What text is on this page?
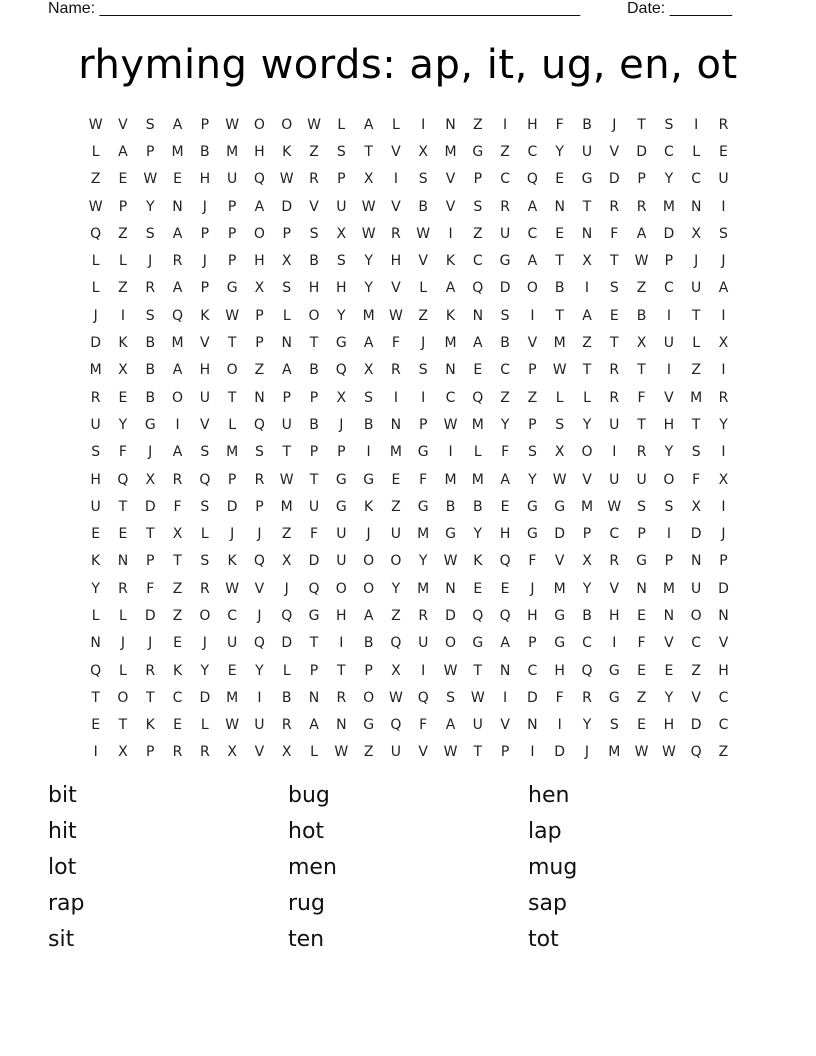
Name: ______________________________________________________	Date: _______
rhyming words: ap, it, ug, en, ot
W	V	S	A	P	W	O	O	W	L	A	L	I	N	Z	I	H	F	B	J	T	S	I	R
L	A	P	M	B	M	H	K	Z	S	T	V	X	M	G	Z	C	Y	U	V	D	C	L	E
Z	E	W	E	H	U	Q	W	R	P	X	I	S	V	P	C	Q	E	G	D	P	Y	C	U
W	P	Y	N	J	P	A	D	V	U	W	V	B	V	S	R	A	N	T	R	R	M	N	I
Q	Z	S	A	P	P	O	P	S	X	W	R	W	I	Z	U	C	E	N	F	A	D	X	S
L	L	J	R	J	P	H	X	B	S	Y	H	V	K	C	G	A	T	X	T	W	P	J	J
L	Z	R	A	P	G	X	S	H	H	Y	V	L	A	Q	D	O	B	I	S	Z	C	U	A
J	I	S	Q	K	W	P	L	O	Y	M	W	Z	K	N	S	I	T	A	E	B	I	T	I
D	K	B	M	V	T	P	N	T	G	A	F	J	M	A	B	V	M	Z	T	X	U	L	X
M	X	B	A	H	O	Z	A	B	Q	X	R	S	N	E	C	P	W	T	R	T	I	Z	I
R	E	B	O	U	T	N	P	P	X	S	I	I	C	Q	Z	Z	L	L	R	F	V	M	R
U	Y	G	I	V	L	Q	U	B	J	B	N	P	W	M	Y	P	S	Y	U	T	H	T	Y
S	F	J	A	S	M	S	T	P	P	I	M	G	I	L	F	S	X	O	I	R	Y	S	I
H	Q	X	R	Q	P	R	W	T	G	G	E	F	M	M	A	Y	W	V	U	U	O	F	X
U	T	D	F	S	D	P	M	U	G	K	Z	G	B	B	E	G	G	M	W	S	S	X	I
E	E	T	X	L	J	J	Z	F	U	J	U	M	G	Y	H	G	D	P	C	P	I	D	J
K	N	P	T	S	K	Q	X	D	U	O	O	Y	W	K	Q	F	V	X	R	G	P	N	P
Y	R	F	Z	R	W	V	J	Q	O	O	Y	M	N	E	E	J	M	Y	V	N	M	U	D
L	L	D	Z	O	C	J	Q	G	H	A	Z	R	D	Q	Q	H	G	B	H	E	N	O	N
N	J	J	E	J	U	Q	D	T	I	B	Q	U	O	G	A	P	G	C	I	F	V	C	V
Q	L	R	K	Y	E	Y	L	P	T	P	X	I	W	T	N	C	H	Q	G	E	E	Z	H
T	O	T	C	D	M	I	B	N	R	O	W	Q	S	W	I	D	F	R	G	Z	Y	V	C
E	T	K	E	L	W	U	R	A	N	G	Q	F	A	U	V	N	I	Y	S	E	H	D	C
I	X	P	R	R	X	V	X	L	W	Z	U	V	W	T	P	I	D	J	M	W W	Q	Z
bit	bug	hen
hit	hot	lap
lot	men	mug
rap	rug	sap
sit	ten	tot
